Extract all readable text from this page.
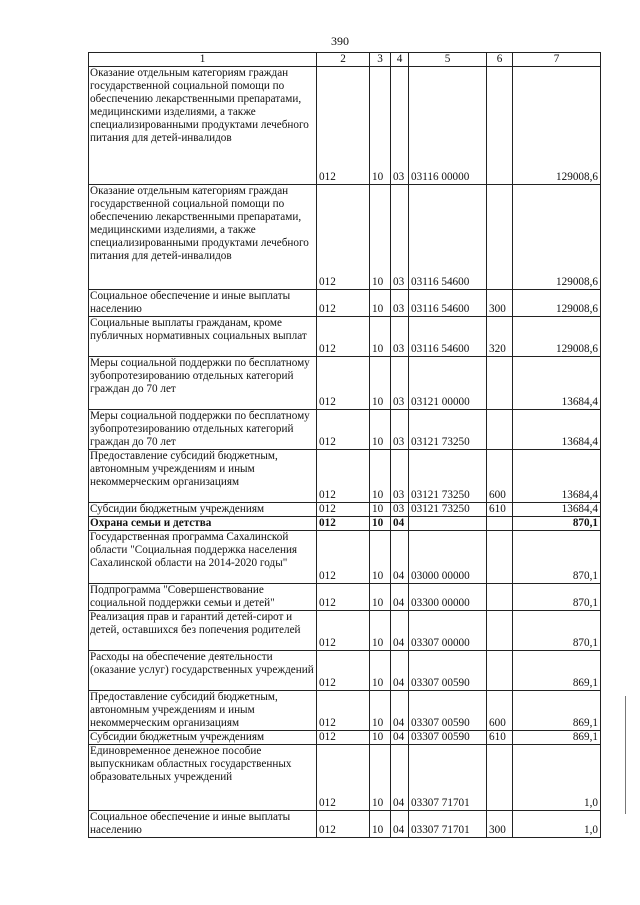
390
1	2	3	4	5	6	7
Оказание отдельным категориям граждан государственной социальной помощи по обеспечению лекарственными препаратами, медицинскими изделиями, а также специализированными продуктами лечебного питания для детей-инвалидов	012	10	03	03116 00000		129008,6
Оказание отдельным категориям граждан государственной социальной помощи по обеспечению лекарственными препаратами, медицинскими изделиями, а также специализированными продуктами лечебного питания для детей-инвалидов	012	10	03	03116 54600		129008,6
Социальное обеспечение и иные выплаты населению	012	10	03	03116 54600	300	129008,6
Социальные выплаты гражданам, кроме публичных нормативных социальных выплат	012	10	03	03116 54600	320	129008,6
Меры социальной поддержки по бесплатному зубопротезированию отдельных категорий граждан до 70 лет	012	10	03	03121 00000		13684,4
Меры социальной поддержки по бесплатному зубопротезированию отдельных категорий граждан до 70 лет	012	10	03	03121 73250		13684,4
Предоставление субсидий бюджетным, автономным учреждениям и иным некоммерческим организациям	012	10	03	03121 73250	600	13684,4
Субсидии бюджетным учреждениям	012	10	03	03121 73250	610	13684,4
Охрана семьи и детства	012	10	04			870,1
Государственная программа Сахалинской области "Социальная поддержка населения Сахалинской области на 2014-2020 годы"	012	10	04	03000 00000		870,1
Подпрограмма "Совершенствование социальной поддержки семьи и детей"	012	10	04	03300 00000		870,1
Реализация прав и гарантий детей-сирот и детей, оставшихся без попечения родителей	012	10	04	03307 00000		870,1
Расходы на обеспечение деятельности (оказание услуг) государственных учреждений	012	10	04	03307 00590		869,1
Предоставление субсидий бюджетным, автономным учреждениям и иным некоммерческим организациям	012	10	04	03307 00590	600	869,1
Субсидии бюджетным учреждениям	012	10	04	03307 00590	610	869,1
Единовременное денежное пособие выпускникам областных государственных образовательных учреждений	012	10	04	03307 71701		1,0
Социальное обеспечение и иные выплаты населению	012	10	04	03307 71701	300	1,0
